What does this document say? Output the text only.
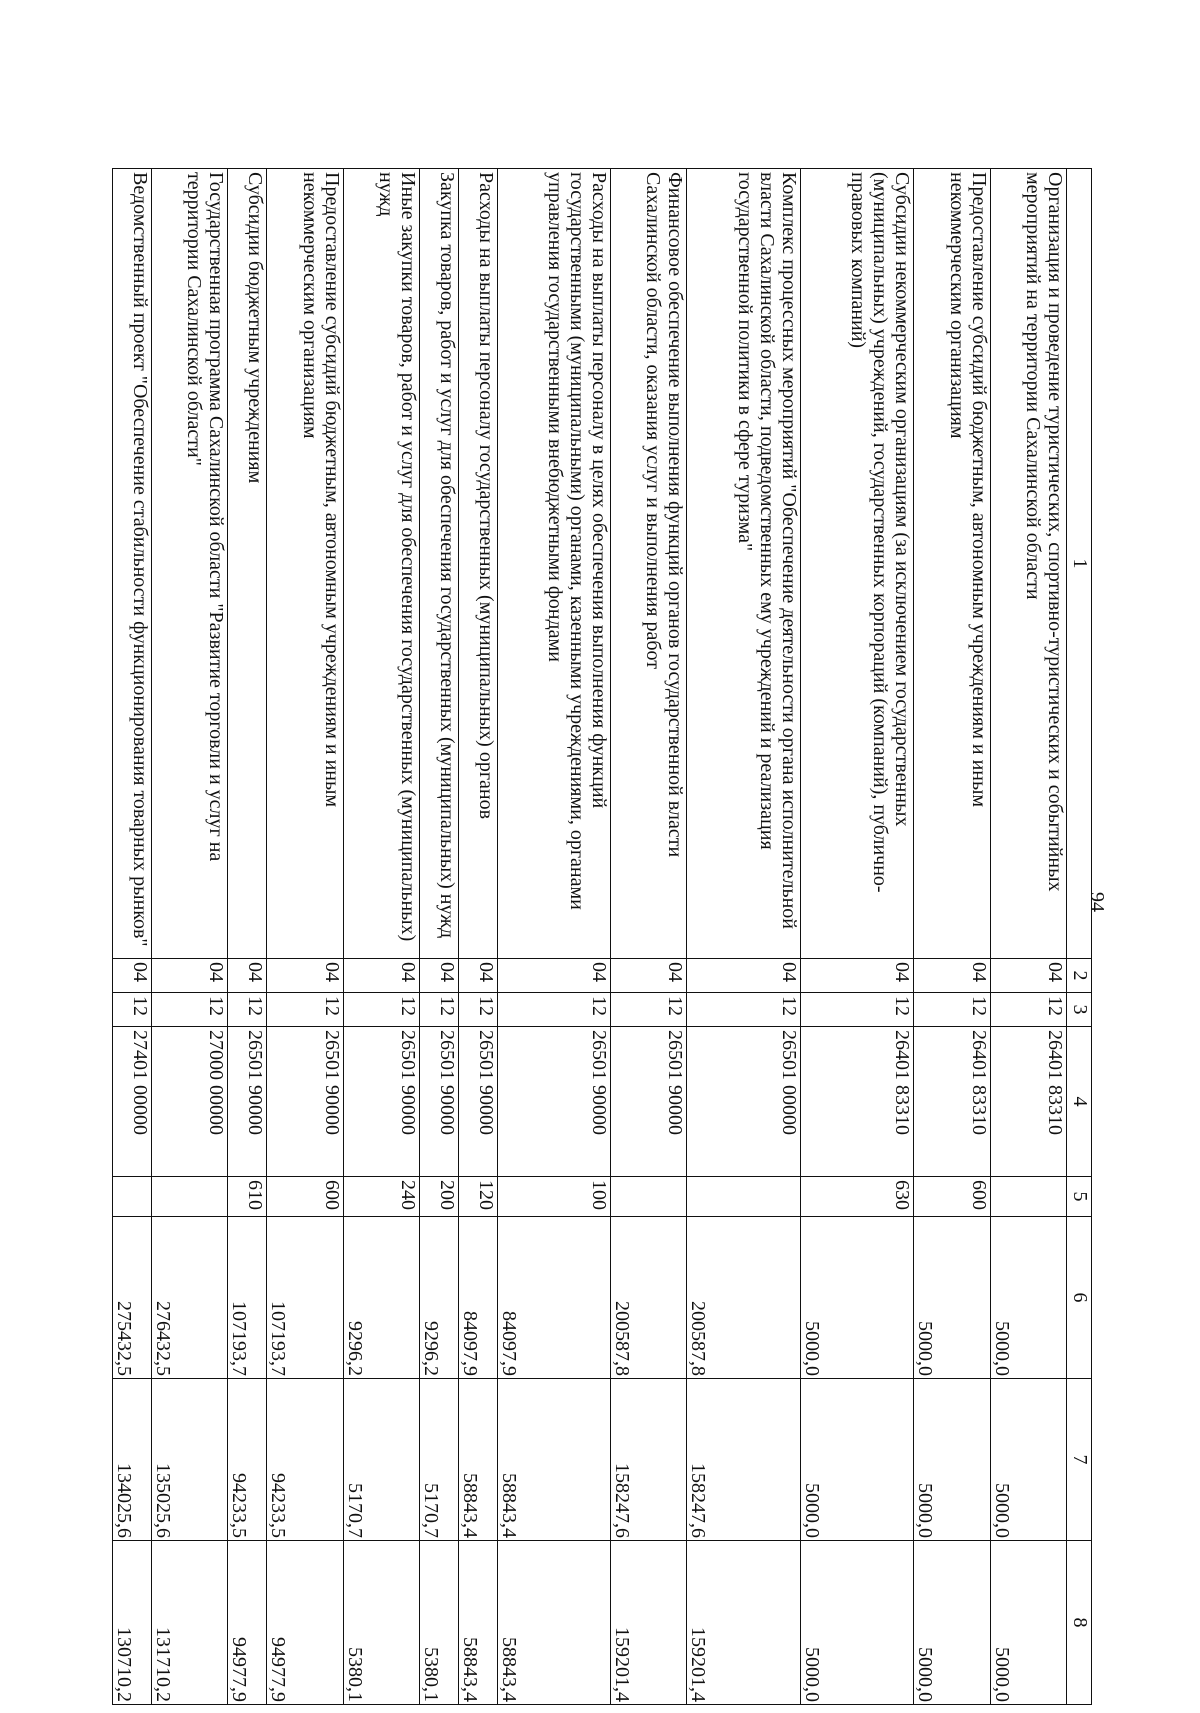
94
1	2	3	4	5	6	7	8
Организация и проведение туристических, спортивно-туристических и событийных мероприятий на территории Сахалинской области	04	12	26401 83310		5000,0	5000,0	5000,0
Предоставление субсидий бюджетным, автономным учреждениям и иным некоммерческим организациям	04	12	26401 83310	600	5000,0	5000,0	5000,0
Субсидии некоммерческим организациям (за исключением государственных (муниципальных) учреждений, государственных корпораций (компаний), публично-правовых компаний)	04	12	26401 83310	630	5000,0	5000,0	5000,0
Комплекс процессных мероприятий "Обеспечение деятельности органа исполнительной власти Сахалинской области, подведомственных ему учреждений и реализация государственной политики в сфере туризма"	04	12	26501 00000		200587,8	158247,6	159201,4
Финансовое обеспечение выполнения функций органов государственной власти Сахалинской области, оказания услуг и выполнения работ	04	12	26501 90000		200587,8	158247,6	159201,4
Расходы на выплаты персоналу в целях обеспечения выполнения функций государственными (муниципальными) органами, казенными учреждениями, органами управления государственными внебюджетными фондами	04	12	26501 90000	100	84097,9	58843,4	58843,4
Расходы на выплаты персоналу государственных (муниципальных) органов	04	12	26501 90000	120	84097,9	58843,4	58843,4
Закупка товаров, работ и услуг для обеспечения государственных (муниципальных) нужд	04	12	26501 90000	200	9296,2	5170,7	5380,1
Иные закупки товаров, работ и услуг для обеспечения государственных (муниципальных) нужд	04	12	26501 90000	240	9296,2	5170,7	5380,1
Предоставление субсидий бюджетным, автономным учреждениям и иным некоммерческим организациям	04	12	26501 90000	600	107193,7	94233,5	94977,9
Субсидии бюджетным учреждениям	04	12	26501 90000	610	107193,7	94233,5	94977,9
Государственная программа Сахалинской области "Развитие торговли и услуг на территории Сахалинской области"	04	12	27000 00000		276432,5	135025,6	131710,2
Ведомственный проект "Обеспечение стабильности функционирования товарных рынков"	04	12	27401 00000		275432,5	134025,6	130710,2
